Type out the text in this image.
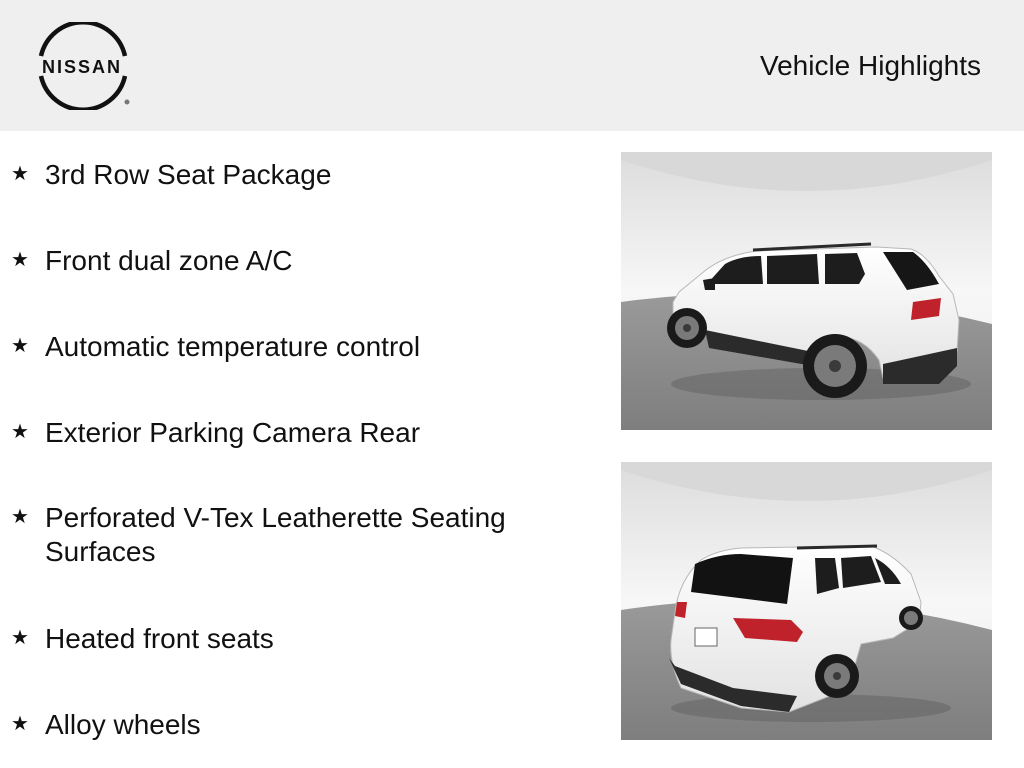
NISSAN	Vehicle Highlights
★ 3rd Row Seat Package
★ Front dual zone A/C
★ Automatic temperature control
★ Exterior Parking Camera Rear
★ Perforated V-Tex Leatherette Seating Surfaces
★ Heated front seats
★ Alloy wheels
